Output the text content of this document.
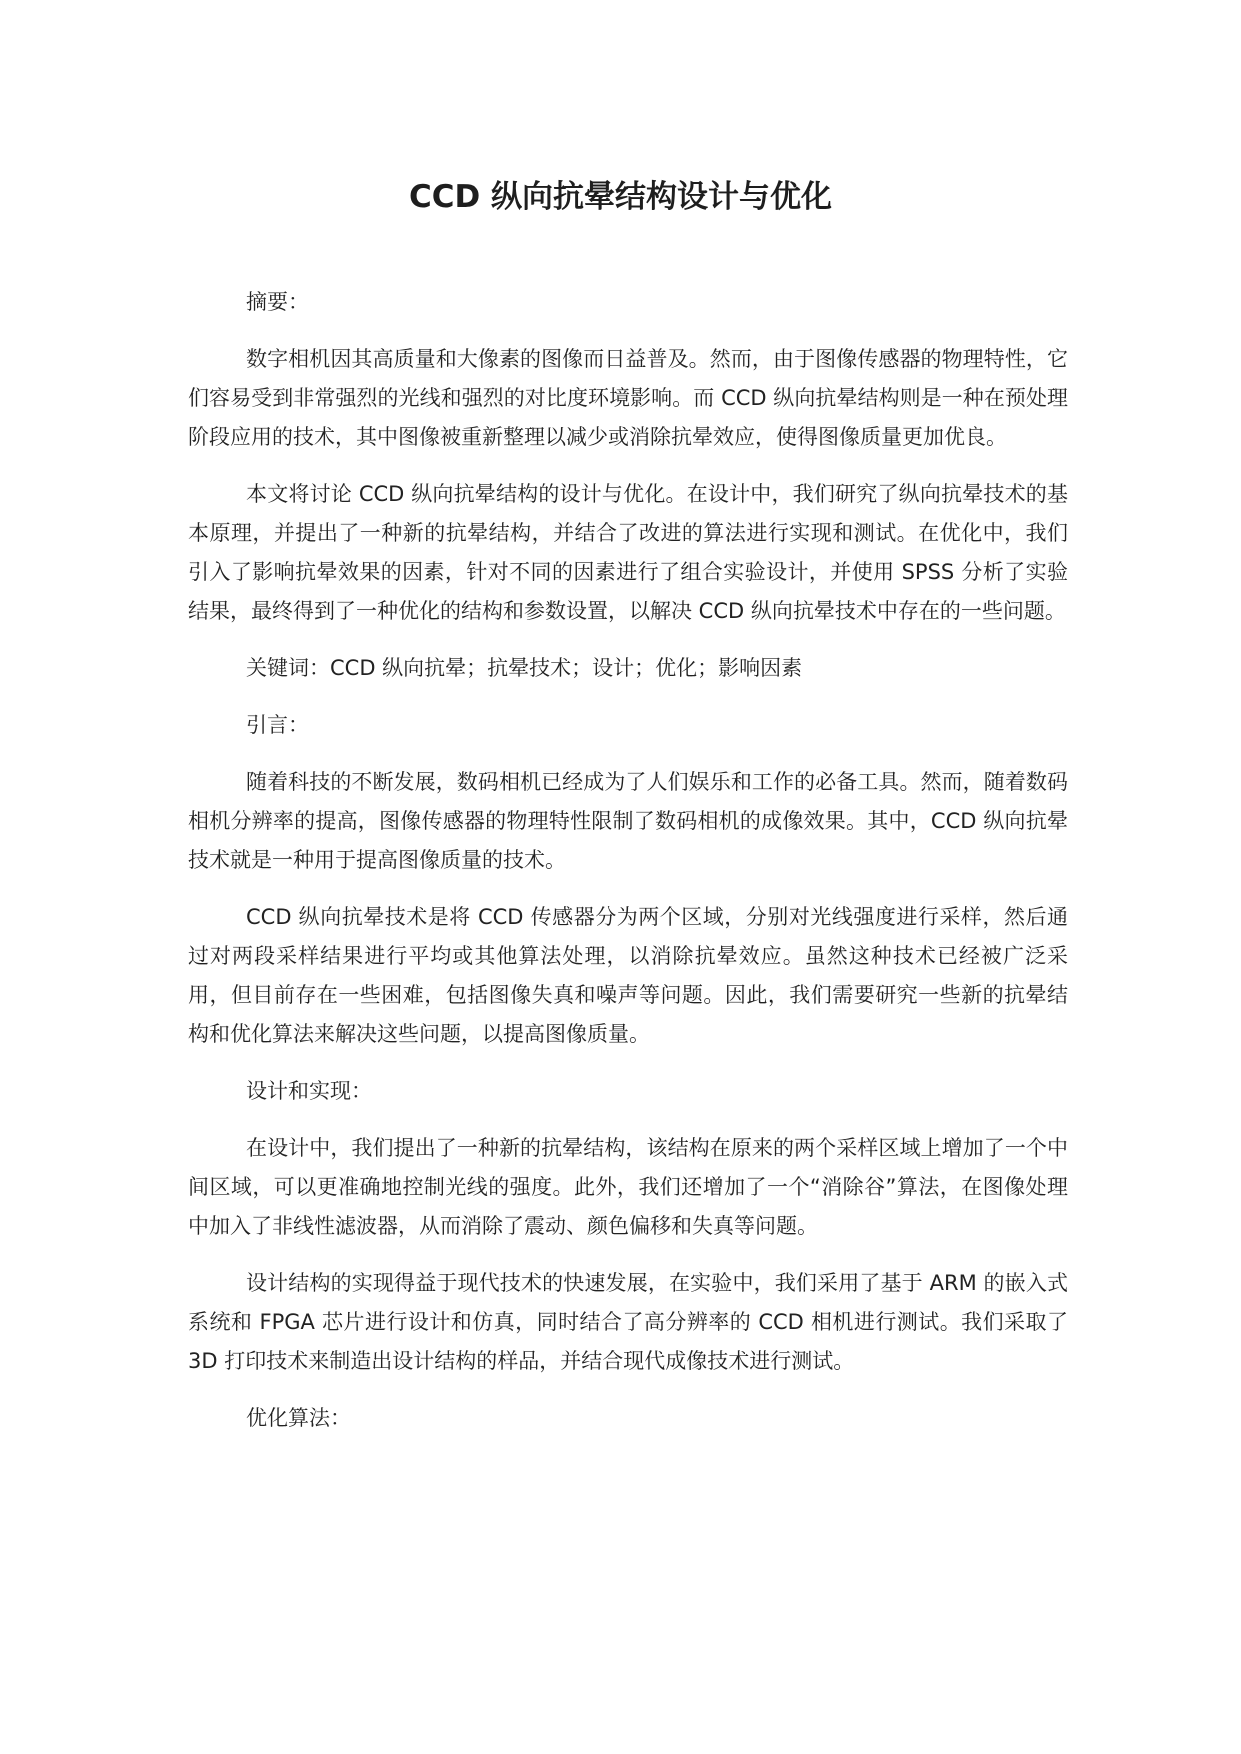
CCD 纵向抗晕结构设计与优化

摘要：

数字相机因其高质量和大像素的图像而日益普及。然而，由于图像传感器的物理特性，它们容易受到非常强烈的光线和强烈的对比度环境影响。而 CCD 纵向抗晕结构则是一种在预处理阶段应用的技术，其中图像被重新整理以减少或消除抗晕效应，使得图像质量更加优良。

本文将讨论 CCD 纵向抗晕结构的设计与优化。在设计中，我们研究了纵向抗晕技术的基本原理，并提出了一种新的抗晕结构，并结合了改进的算法进行实现和测试。在优化中，我们引入了影响抗晕效果的因素，针对不同的因素进行了组合实验设计，并使用 SPSS 分析了实验结果，最终得到了一种优化的结构和参数设置，以解决 CCD 纵向抗晕技术中存在的一些问题。

关键词：CCD 纵向抗晕；抗晕技术；设计；优化；影响因素

引言：

随着科技的不断发展，数码相机已经成为了人们娱乐和工作的必备工具。然而，随着数码相机分辨率的提高，图像传感器的物理特性限制了数码相机的成像效果。其中，CCD 纵向抗晕技术就是一种用于提高图像质量的技术。

CCD 纵向抗晕技术是将 CCD 传感器分为两个区域，分别对光线强度进行采样，然后通过对两段采样结果进行平均或其他算法处理，以消除抗晕效应。虽然这种技术已经被广泛采用，但目前存在一些困难，包括图像失真和噪声等问题。因此，我们需要研究一些新的抗晕结构和优化算法来解决这些问题，以提高图像质量。

设计和实现：

在设计中，我们提出了一种新的抗晕结构，该结构在原来的两个采样区域上增加了一个中间区域，可以更准确地控制光线的强度。此外，我们还增加了一个“消除谷”算法，在图像处理中加入了非线性滤波器，从而消除了震动、颜色偏移和失真等问题。

设计结构的实现得益于现代技术的快速发展，在实验中，我们采用了基于 ARM 的嵌入式系统和 FPGA 芯片进行设计和仿真，同时结合了高分辨率的 CCD 相机进行测试。我们采取了 3D 打印技术来制造出设计结构的样品，并结合现代成像技术进行测试。

优化算法：
